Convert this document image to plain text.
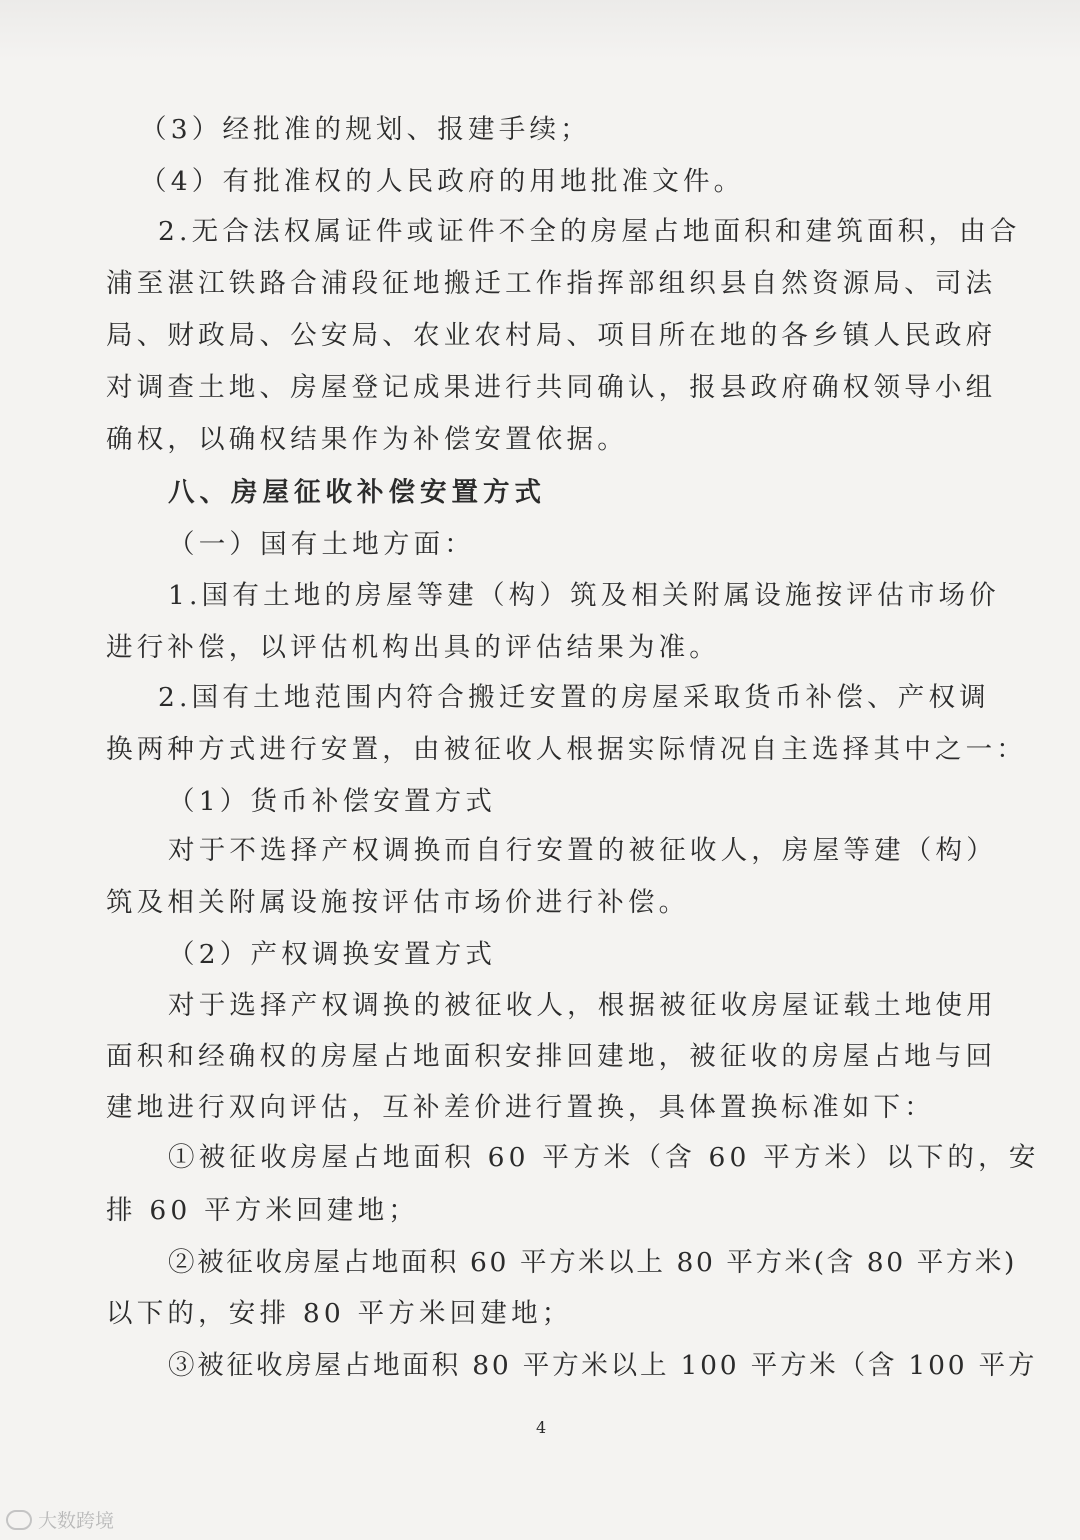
（3）经批准的规划、报建手续；
（4）有批准权的人民政府的用地批准文件。
2.无合法权属证件或证件不全的房屋占地面积和建筑面积，由合
浦至湛江铁路合浦段征地搬迁工作指挥部组织县自然资源局、司法
局、财政局、公安局、农业农村局、项目所在地的各乡镇人民政府
对调查土地、房屋登记成果进行共同确认，报县政府确权领导小组
确权，以确权结果作为补偿安置依据。
八、房屋征收补偿安置方式
（一）国有土地方面：
1.国有土地的房屋等建（构）筑及相关附属设施按评估市场价
进行补偿，以评估机构出具的评估结果为准。
2.国有土地范围内符合搬迁安置的房屋采取货币补偿、产权调
换两种方式进行安置，由被征收人根据实际情况自主选择其中之一：
（1）货币补偿安置方式
对于不选择产权调换而自行安置的被征收人，房屋等建（构）
筑及相关附属设施按评估市场价进行补偿。
（2）产权调换安置方式
对于选择产权调换的被征收人，根据被征收房屋证载土地使用
面积和经确权的房屋占地面积安排回建地，被征收的房屋占地与回
建地进行双向评估，互补差价进行置换，具体置换标准如下：
①被征收房屋占地面积 60 平方米（含 60 平方米）以下的，安
排 60 平方米回建地；
②被征收房屋占地面积 60 平方米以上 80 平方米(含 80 平方米)
以下的，安排 80 平方米回建地；
③被征收房屋占地面积 80 平方米以上 100 平方米（含 100 平方
4
大数跨境
